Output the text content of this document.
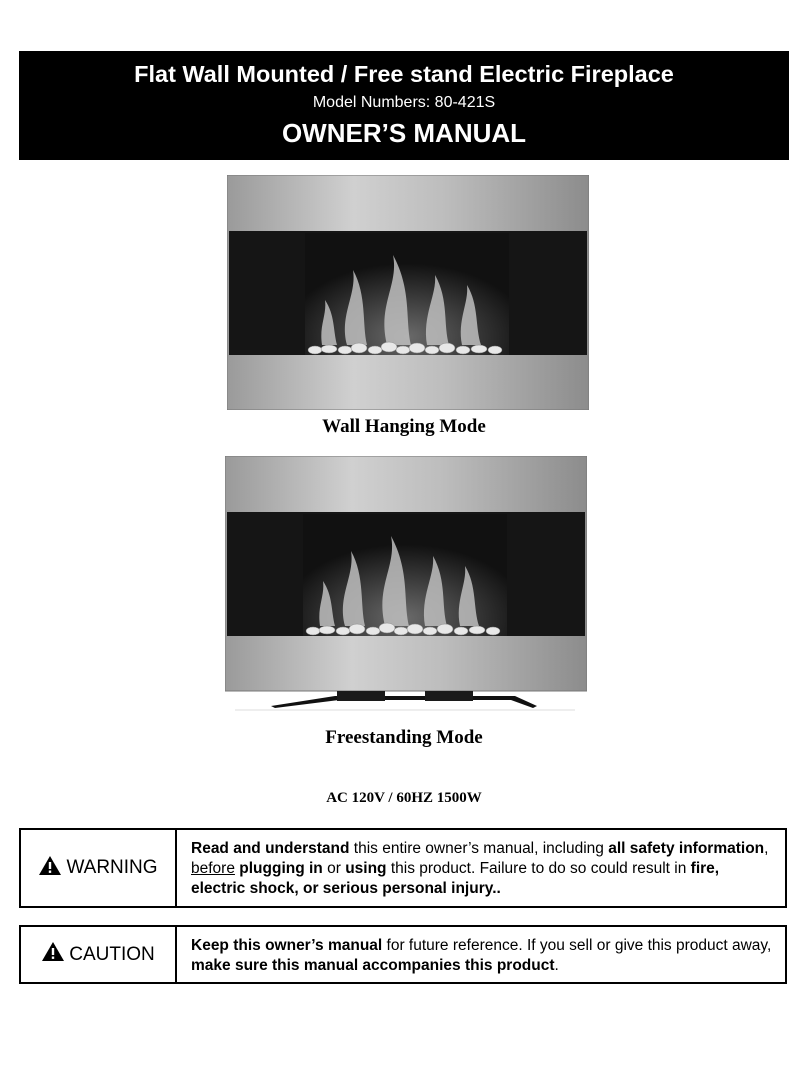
Flat Wall Mounted / Free stand Electric Fireplace
Model Numbers: 80-421S
OWNER’S MANUAL
Wall Hanging Mode
Freestanding Mode
AC 120V / 60HZ 1500W
WARNING
Read and understand this entire owner’s manual, including all safety information, before plugging in or using this product. Failure to do so could result in fire, electric shock, or serious personal injury..
CAUTION	Keep this owner’s manual for future reference. If you sell or give this product away, make sure this manual accompanies this product.
